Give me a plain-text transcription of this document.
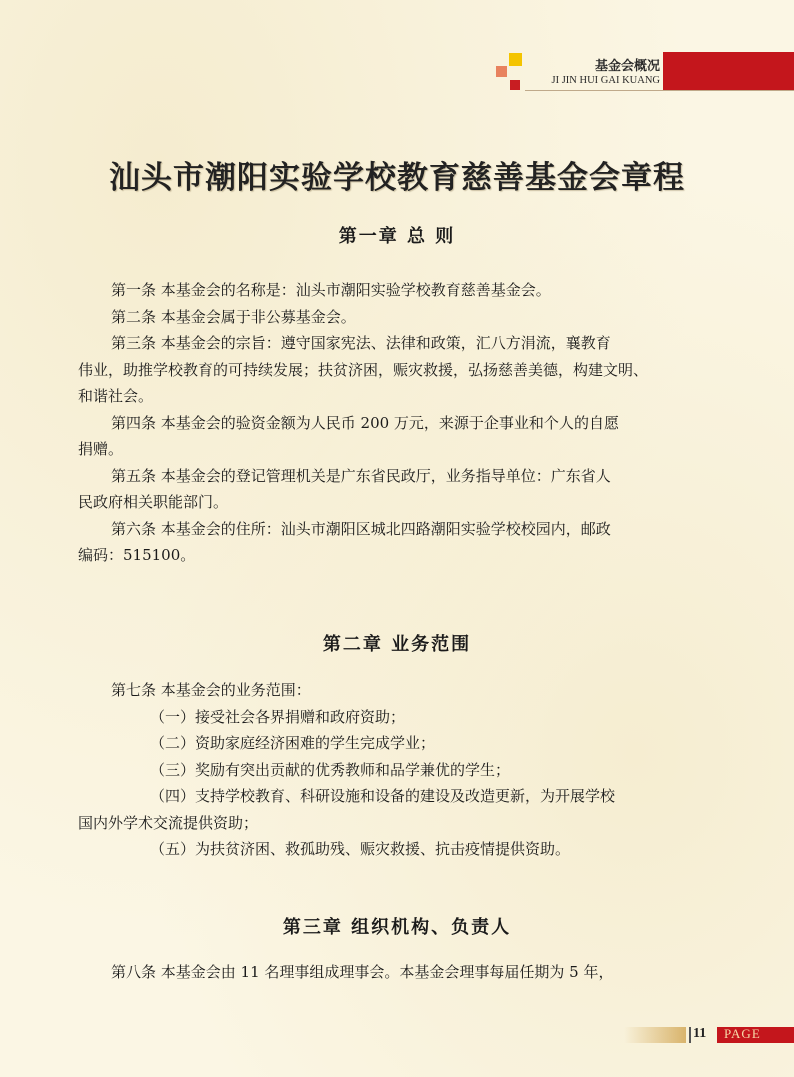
基金会概况
JI JIN HUI GAI KUANG
汕头市潮阳实验学校教育慈善基金会章程
第一章 总 则
第一条 本基金会的名称是：汕头市潮阳实验学校教育慈善基金会。
第二条 本基金会属于非公募基金会。
第三条 本基金会的宗旨：遵守国家宪法、法律和政策，汇八方涓流，襄教育
伟业，助推学校教育的可持续发展；扶贫济困，赈灾救援，弘扬慈善美德，构建文明、
和谐社会。
第四条 本基金会的验资金额为人民币 200 万元，来源于企事业和个人的自愿
捐赠。
第五条 本基金会的登记管理机关是广东省民政厅，业务指导单位：广东省人
民政府相关职能部门。
第六条 本基金会的住所：汕头市潮阳区城北四路潮阳实验学校校园内，邮政
编码：515100。
第二章 业务范围
第七条 本基金会的业务范围：
（一）接受社会各界捐赠和政府资助；
（二）资助家庭经济困难的学生完成学业；
（三）奖励有突出贡献的优秀教师和品学兼优的学生；
（四）支持学校教育、科研设施和设备的建设及改造更新，为开展学校
国内外学术交流提供资助；
（五）为扶贫济困、救孤助残、赈灾救援、抗击疫情提供资助。
第三章 组织机构、负责人
第八条 本基金会由 11 名理事组成理事会。本基金会理事每届任期为 5 年，
11 PAGE
